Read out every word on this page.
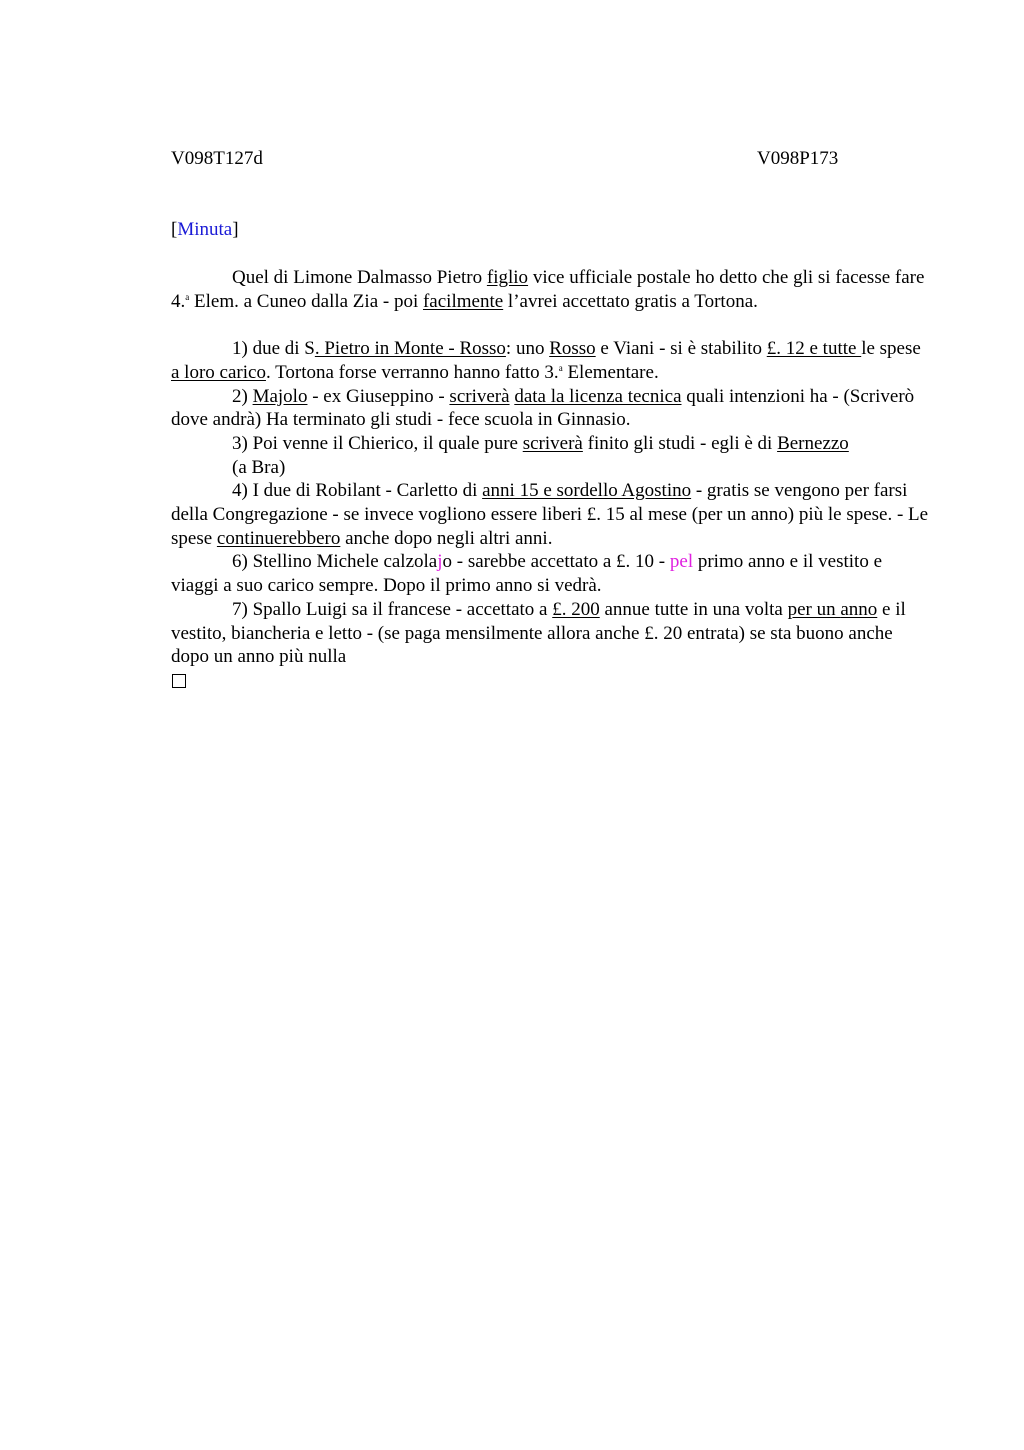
V098T127d	V098P173
[Minuta]

Quel di Limone Dalmasso Pietro figlio vice ufficiale postale ho detto che gli si facesse fare 4.$^a$ Elem. a Cuneo dalla Zia - poi facilmente l’avrei accettato gratis a Tortona.

1) due di S. Pietro in Monte - Rosso: uno Rosso e Viani - si è stabilito £. 12 e tutte le spese a loro carico. Tortona forse verranno hanno fatto 3.$^a$ Elementare.

2) Majolo - ex Giuseppino - scriverà data la licenza tecnica quali intenzioni ha - (Scriverò dove andrà) Ha terminato gli studi - fece scuola in Ginnasio.

3) Poi venne il Chierico, il quale pure scriverà finito gli studi - egli è di Bernezzo

(a Bra)

4) I due di Robilant - Carletto di anni 15 e sordello Agostino - gratis se vengono per farsi della Congregazione - se invece vogliono essere liberi £. 15 al mese (per un anno) più le spese. - Le spese continuerebbero anche dopo negli altri anni.

6) Stellino Michele calzolajo - sarebbe accettato a £. 10 - pel primo anno e il vestito e viaggi a suo carico sempre. Dopo il primo anno si vedrà.

7) Spallo Luigi sa il francese - accettato a £. 200 annue tutte in una volta per un anno e il vestito, biancheria e letto - (se paga mensilmente allora anche £. 20 entrata) se sta buono anche dopo un anno più nulla
